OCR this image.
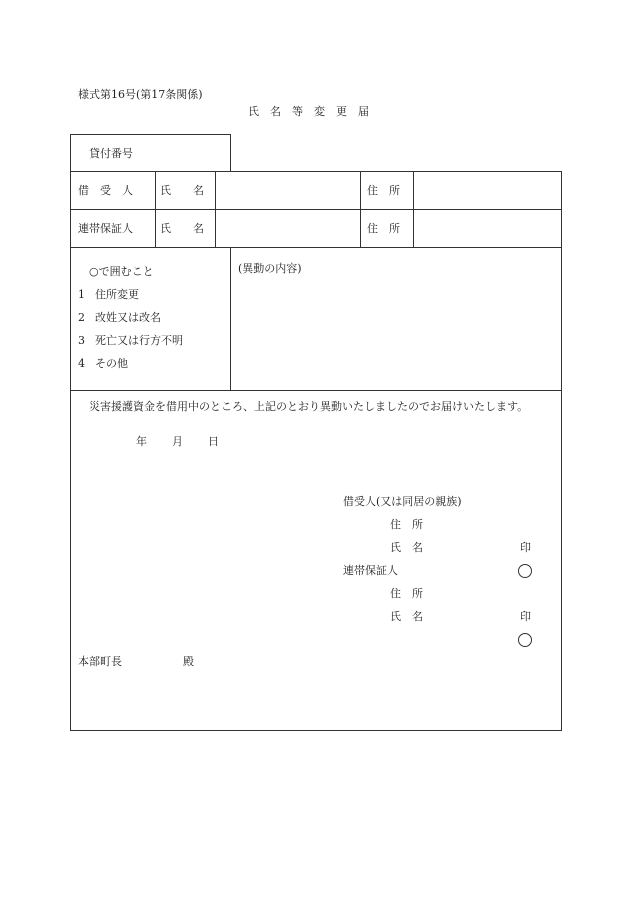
様式第16号(第17条関係)
氏　名　等　変　更　届
貸付番号
借　受　人 氏　　名	住　所
連帯保証人 氏　　名	住　所
○で囲むこと
1 住所変更
2 改姓又は改名
3 死亡又は行方不明
4 その他
(異動の内容)
災害援護資金を借用中のところ、上記のとおり異動いたしましたのでお届けいたします。
年 月 日
借受人(又は同居の親族)
住　所
氏　名	印
連帯保証人
住　所
氏　名	印
本部町長	殿
